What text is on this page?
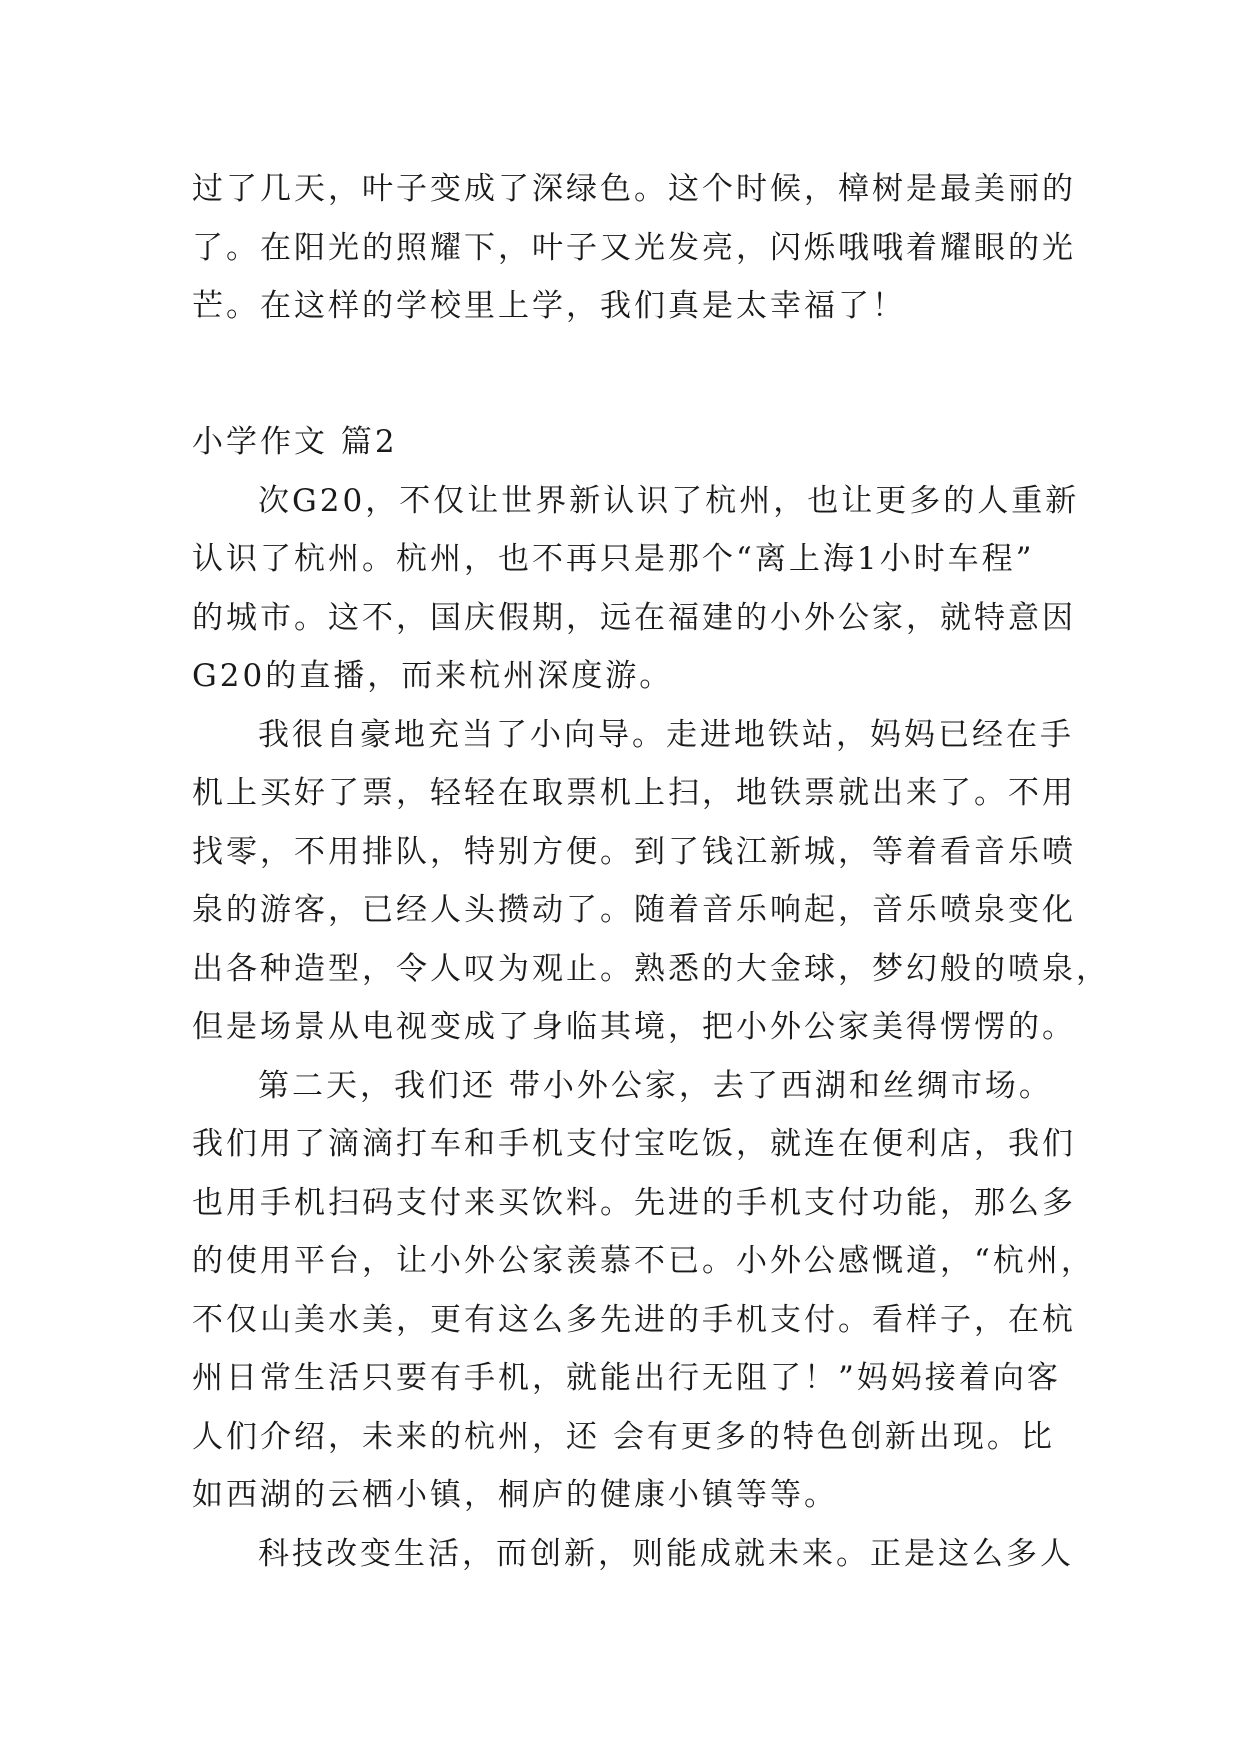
过了几天，叶子变成了深绿色。这个时候，樟树是最美丽的
了。在阳光的照耀下，叶子又光发亮，闪烁哦哦着耀眼的光
芒。在这样的学校里上学，我们真是太幸福了！
小学作文 篇2
次G20，不仅让世界新认识了杭州，也让更多的人重新
认识了杭州。杭州，也不再只是那个“离上海1小时车程”
的城市。这不，国庆假期，远在福建的小外公家，就特意因
G20的直播，而来杭州深度游。
我很自豪地充当了小向导。走进地铁站，妈妈已经在手
机上买好了票，轻轻在取票机上扫，地铁票就出来了。不用
找零，不用排队，特别方便。到了钱江新城，等着看音乐喷
泉的游客，已经人头攒动了。随着音乐响起，音乐喷泉变化
出各种造型，令人叹为观止。熟悉的大金球，梦幻般的喷泉，
但是场景从电视变成了身临其境，把小外公家美得愣愣的。
第二天，我们还 带小外公家，去了西湖和丝绸市场。
我们用了滴滴打车和手机支付宝吃饭，就连在便利店，我们
也用手机扫码支付来买饮料。先进的手机支付功能，那么多
的使用平台，让小外公家羡慕不已。小外公感慨道，“杭州，
不仅山美水美，更有这么多先进的手机支付。看样子，在杭
州日常生活只要有手机，就能出行无阻了！”妈妈接着向客
人们介绍，未来的杭州，还 会有更多的特色创新出现。比
如西湖的云栖小镇，桐庐的健康小镇等等。
科技改变生活，而创新，则能成就未来。正是这么多人
